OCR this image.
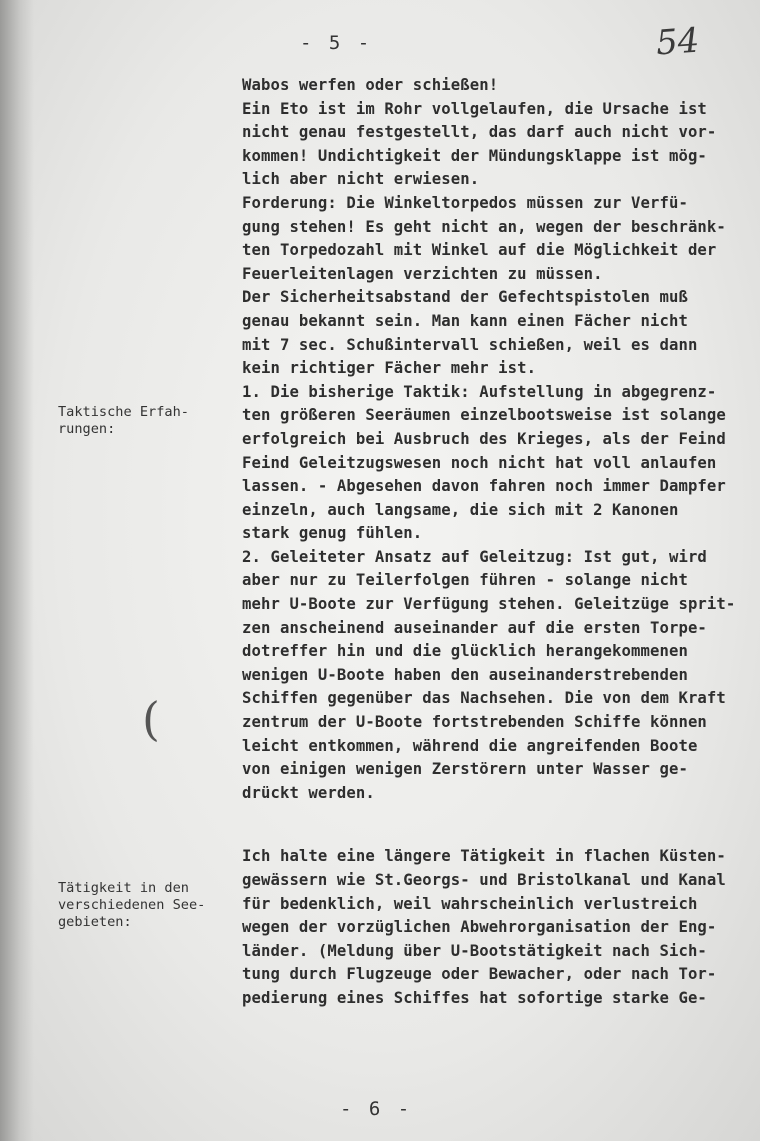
- 5 -	54
Taktische Erfah-
rungen:
Tätigkeit in den
verschiedenen See-
gebieten:
(
Wabos werfen oder schießen!
Ein Eto ist im Rohr vollgelaufen, die Ursache ist
nicht genau festgestellt, das darf auch nicht vor-
kommen! Undichtigkeit der Mündungsklappe ist mög-
lich aber nicht erwiesen.
Forderung: Die Winkeltorpedos müssen zur Verfü-
gung stehen! Es geht nicht an, wegen der beschränk-
ten Torpedozahl mit Winkel auf die Möglichkeit der
Feuerleitenlagen verzichten zu müssen.
Der Sicherheitsabstand der Gefechtspistolen muß
genau bekannt sein. Man kann einen Fächer nicht
mit 7 sec. Schußintervall schießen, weil es dann
kein richtiger Fächer mehr ist.
1. Die bisherige Taktik: Aufstellung in abgegrenz-
ten größeren Seeräumen einzelbootsweise ist solange
erfolgreich bei Ausbruch des Krieges, als der Feind
Feind Geleitzugswesen noch nicht hat voll anlaufen
lassen. - Abgesehen davon fahren noch immer Dampfer
einzeln, auch langsame, die sich mit 2 Kanonen
stark genug fühlen.
2. Geleiteter Ansatz auf Geleitzug: Ist gut, wird
aber nur zu Teilerfolgen führen - solange nicht
mehr U-Boote zur Verfügung stehen. Geleitzüge sprit-
zen anscheinend auseinander auf die ersten Torpe-
dotreffer hin und die glücklich herangekommenen
wenigen U-Boote haben den auseinanderstrebenden
Schiffen gegenüber das Nachsehen. Die von dem Kraft
zentrum der U-Boote fortstrebenden Schiffe können
leicht entkommen, während die angreifenden Boote
von einigen wenigen Zerstörern unter Wasser ge-
drückt werden.
Ich halte eine längere Tätigkeit in flachen Küsten-
gewässern wie St.Georgs- und Bristolkanal und Kanal
für bedenklich, weil wahrscheinlich verlustreich
wegen der vorzüglichen Abwehrorganisation der Eng-
länder. (Meldung über U-Bootstätigkeit nach Sich-
tung durch Flugzeuge oder Bewacher, oder nach Tor-
pedierung eines Schiffes hat sofortige starke Ge-
- 6 -
